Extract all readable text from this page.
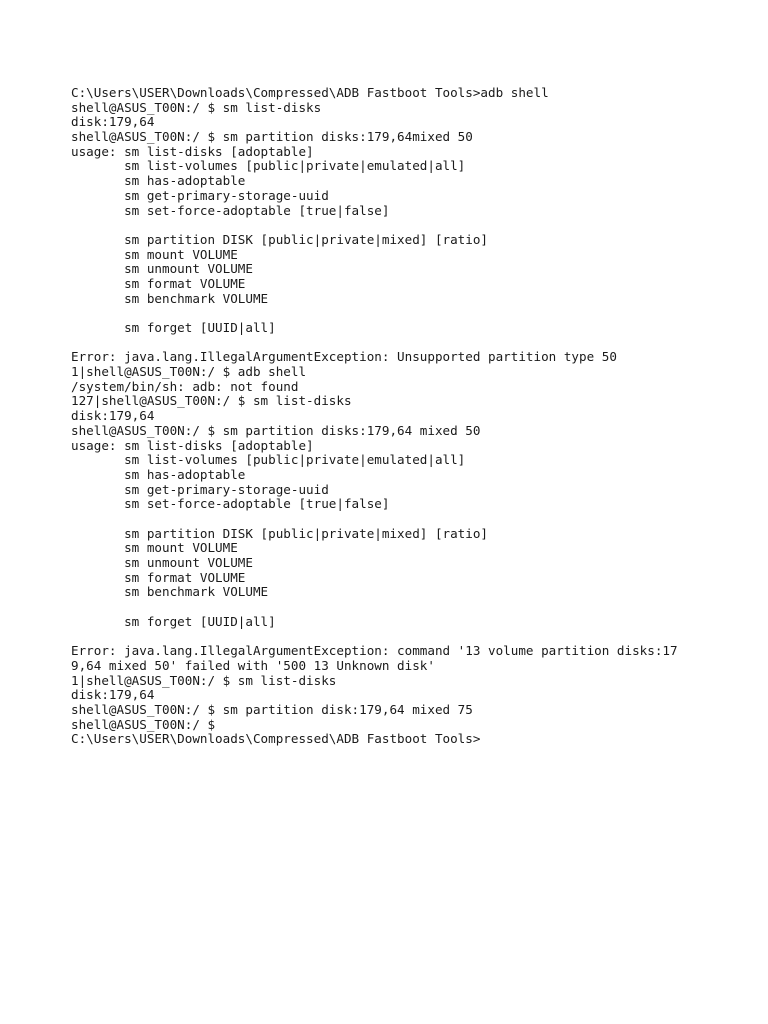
C:\Users\USER\Downloads\Compressed\ADB Fastboot Tools>adb shell
shell@ASUS_T00N:/ $ sm list-disks
disk:179,64
shell@ASUS_T00N:/ $ sm partition disks:179,64mixed 50
usage: sm list-disks [adoptable]
sm list-volumes [public|private|emulated|all]
sm has-adoptable
sm get-primary-storage-uuid
sm set-force-adoptable [true|false]
sm partition DISK [public|private|mixed] [ratio]
sm mount VOLUME
sm unmount VOLUME
sm format VOLUME
sm benchmark VOLUME
sm forget [UUID|all]
Error: java.lang.IllegalArgumentException: Unsupported partition type 50
1|shell@ASUS_T00N:/ $ adb shell
/system/bin/sh: adb: not found
127|shell@ASUS_T00N:/ $ sm list-disks
disk:179,64
shell@ASUS_T00N:/ $ sm partition disks:179,64 mixed 50
usage: sm list-disks [adoptable]
sm list-volumes [public|private|emulated|all]
sm has-adoptable
sm get-primary-storage-uuid
sm set-force-adoptable [true|false]
sm partition DISK [public|private|mixed] [ratio]
sm mount VOLUME
sm unmount VOLUME
sm format VOLUME
sm benchmark VOLUME
sm forget [UUID|all]
Error: java.lang.IllegalArgumentException: command '13 volume partition disks:17
9,64 mixed 50' failed with '500 13 Unknown disk'
1|shell@ASUS_T00N:/ $ sm list-disks
disk:179,64
shell@ASUS_T00N:/ $ sm partition disk:179,64 mixed 75
shell@ASUS_T00N:/ $
C:\Users\USER\Downloads\Compressed\ADB Fastboot Tools>
